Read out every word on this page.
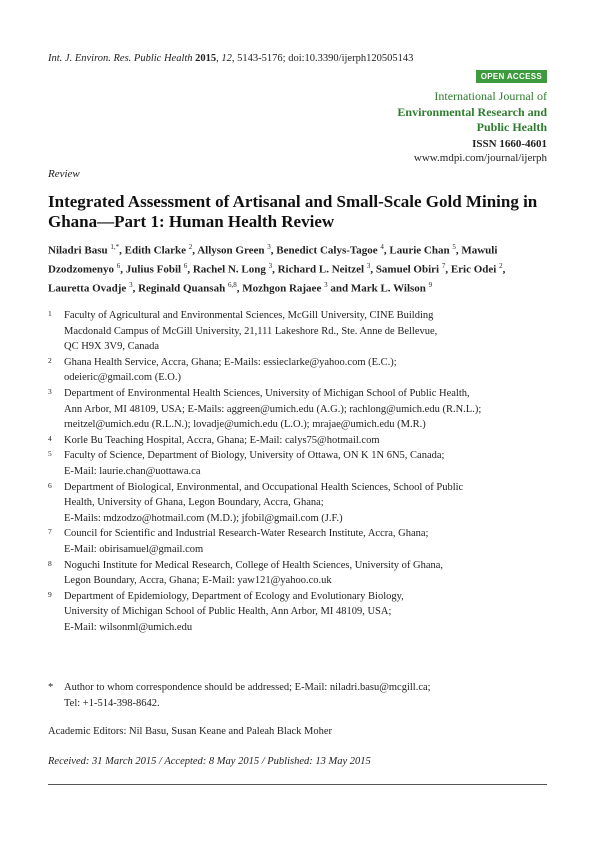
Int. J. Environ. Res. Public Health 2015, 12, 5143-5176; doi:10.3390/ijerph120505143
OPEN ACCESS
International Journal of
Environmental Research and
Public Health
ISSN 1660-4601
www.mdpi.com/journal/ijerph
Review
Integrated Assessment of Artisanal and Small-Scale Gold Mining in Ghana—Part 1: Human Health Review
Niladri Basu $^{1,*}$, Edith Clarke $^2$, Allyson Green $^3$, Benedict Calys-Tagoe $^4$, Laurie Chan $^5$, Mawuli Dzodzomenyo $^6$, Julius Fobil $^6$, Rachel N. Long $^3$, Richard L. Neitzel $^3$, Samuel Obiri $^7$, Eric Odei $^2$, Lauretta Ovadje $^3$, Reginald Quansah $^{6,8}$, Mozhgon Rajaee $^3$ and Mark L. Wilson $^9$
1 Faculty of Agricultural and Environmental Sciences, McGill University, CINE Building
Macdonald Campus of McGill University, 21,111 Lakeshore Rd., Ste. Anne de Bellevue,
QC H9X 3V9, Canada
2 Ghana Health Service, Accra, Ghana; E-Mails: essieclarke@yahoo.com (E.C.);
odeieric@gmail.com (E.O.)
3 Department of Environmental Health Sciences, University of Michigan School of Public Health,
Ann Arbor, MI 48109, USA; E-Mails: aggreen@umich.edu (A.G.); rachlong@umich.edu (R.N.L.);
rneitzel@umich.edu (R.L.N.); lovadje@umich.edu (L.O.); mrajae@umich.edu (M.R.)
4 Korle Bu Teaching Hospital, Accra, Ghana; E-Mail: calys75@hotmail.com
5 Faculty of Science, Department of Biology, University of Ottawa, ON K 1N 6N5, Canada;
E-Mail: laurie.chan@uottawa.ca
6 Department of Biological, Environmental, and Occupational Health Sciences, School of Public
Health, University of Ghana, Legon Boundary, Accra, Ghana;
E-Mails: mdzodzo@hotmail.com (M.D.); jfobil@gmail.com (J.F.)
7 Council for Scientific and Industrial Research-Water Research Institute, Accra, Ghana;
E-Mail: obirisamuel@gmail.com
8 Noguchi Institute for Medical Research, College of Health Sciences, University of Ghana,
Legon Boundary, Accra, Ghana; E-Mail: yaw121@yahoo.co.uk
9 Department of Epidemiology, Department of Ecology and Evolutionary Biology,
University of Michigan School of Public Health, Ann Arbor, MI 48109, USA;
E-Mail: wilsonml@umich.edu
*	Author to whom correspondence should be addressed; E-Mail: niladri.basu@mcgill.ca;
Tel: +1-514-398-8642.
Academic Editors: Nil Basu, Susan Keane and Paleah Black Moher
Received: 31 March 2015 / Accepted: 8 May 2015 / Published: 13 May 2015
